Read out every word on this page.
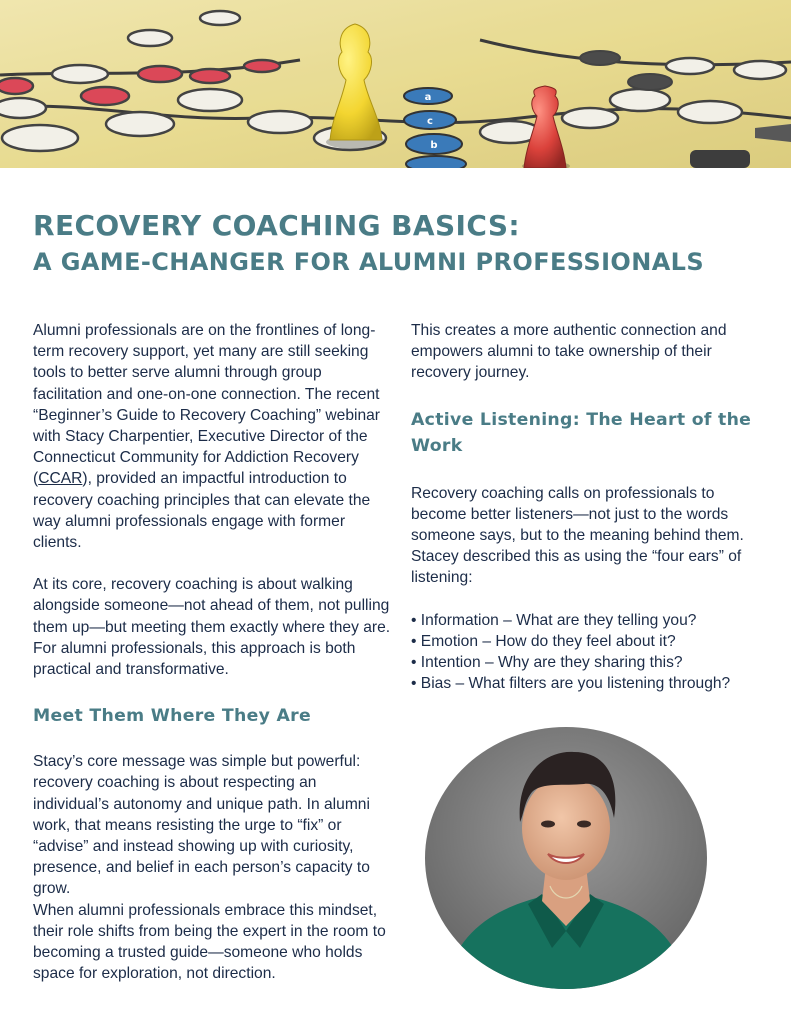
a
c
b
RECOVERY COACHING BASICS:
A GAME-CHANGER FOR ALUMNI PROFESSIONALS

Alumni professionals are on the frontlines of long-term recovery support, yet many are still seeking tools to better serve alumni through group facilitation and one-on-one connection. The recent “Beginner’s Guide to Recovery Coaching” webinar with Stacy Charpentier, Executive Director of the Connecticut Community for Addiction Recovery (CCAR), provided an impactful introduction to recovery coaching principles that can elevate the way alumni professionals engage with former clients.

At its core, recovery coaching is about walking alongside someone—not ahead of them, not pulling them up—but meeting them exactly where they are. For alumni professionals, this approach is both practical and transformative.

Meet Them Where They Are

Stacy’s core message was simple but powerful: recovery coaching is about respecting an individual’s autonomy and unique path. In alumni work, that means resisting the urge to “fix” or “advise” and instead showing up with curiosity, presence, and belief in each person’s capacity to grow.

When alumni professionals embrace this mindset, their role shifts from being the expert in the room to becoming a trusted guide—someone who holds space for exploration, not direction.

This creates a more authentic connection and empowers alumni to take ownership of their recovery journey.

Active Listening: The Heart of the Work

Recovery coaching calls on professionals to become better listeners—not just to the words someone says, but to the meaning behind them. Stacey described this as using the “four ears” of listening:

• Information – What are they telling you?
• Emotion – How do they feel about it?
• Intention – Why are they sharing this?
• Bias – What filters are you listening through?
